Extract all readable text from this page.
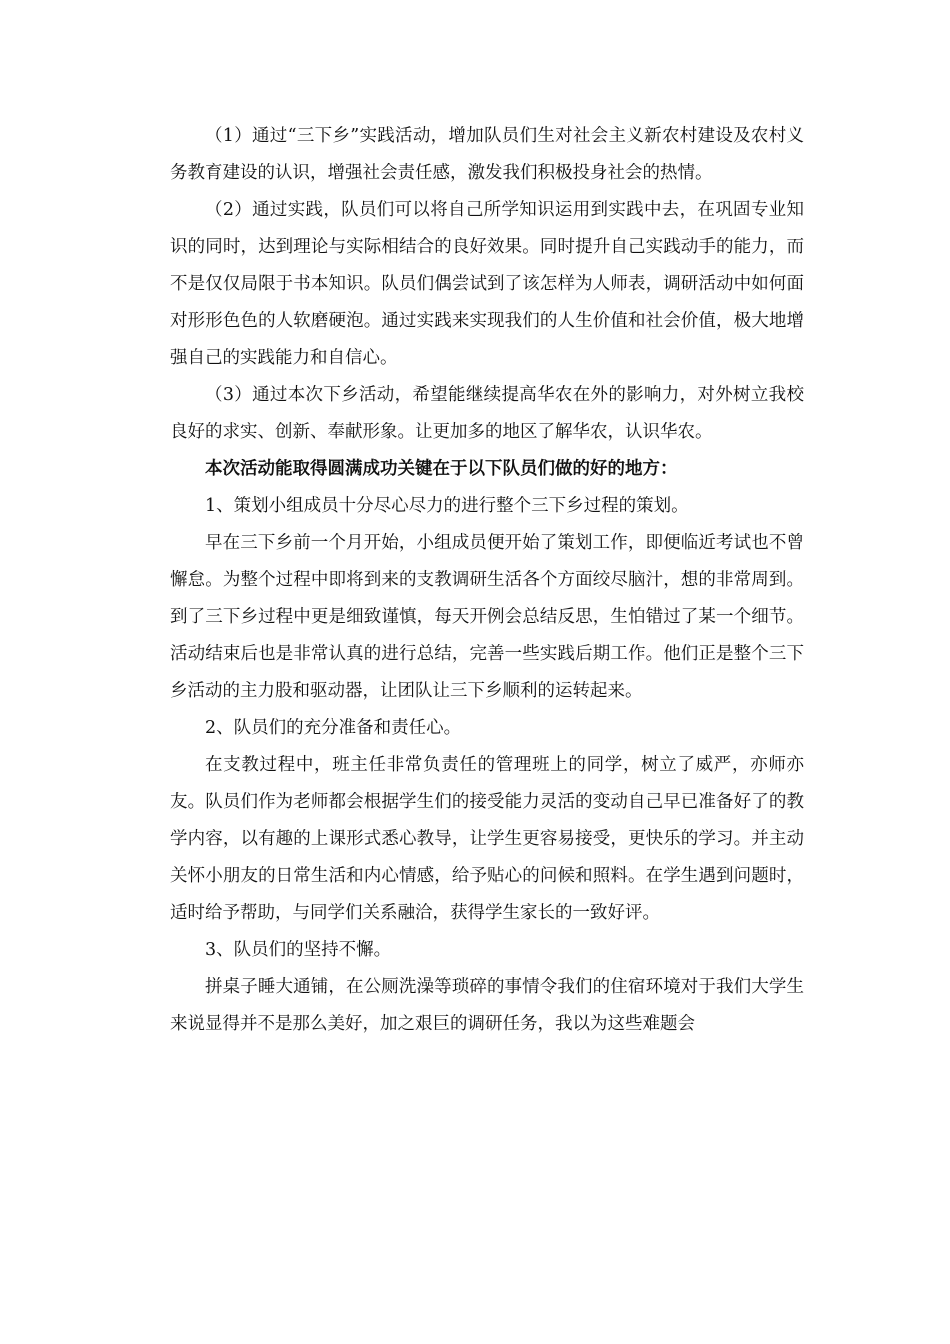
（1）通过“三下乡”实践活动，增加队员们生对社会主义新农村建设及农村义务教育建设的认识，增强社会责任感，激发我们积极投身社会的热情。

（2）通过实践，队员们可以将自己所学知识运用到实践中去，在巩固专业知识的同时，达到理论与实际相结合的良好效果。同时提升自己实践动手的能力，而不是仅仅局限于书本知识。队员们偶尝试到了该怎样为人师表，调研活动中如何面对形形色色的人软磨硬泡。通过实践来实现我们的人生价值和社会价值，极大地增强自己的实践能力和自信心。

（3）通过本次下乡活动，希望能继续提高华农在外的影响力，对外树立我校良好的求实、创新、奉献形象。让更加多的地区了解华农，认识华农。

本次活动能取得圆满成功关键在于以下队员们做的好的地方：

1、策划小组成员十分尽心尽力的进行整个三下乡过程的策划。

早在三下乡前一个月开始，小组成员便开始了策划工作，即便临近考试也不曾懈怠。为整个过程中即将到来的支教调研生活各个方面绞尽脑汁，想的非常周到。到了三下乡过程中更是细致谨慎，每天开例会总结反思，生怕错过了某一个细节。活动结束后也是非常认真的进行总结，完善一些实践后期工作。他们正是整个三下乡活动的主力股和驱动器，让团队让三下乡顺利的运转起来。

2、队员们的充分准备和责任心。

在支教过程中，班主任非常负责任的管理班上的同学，树立了威严，亦师亦友。队员们作为老师都会根据学生们的接受能力灵活的变动自己早已准备好了的教学内容，以有趣的上课形式悉心教导，让学生更容易接受，更快乐的学习。并主动关怀小朋友的日常生活和内心情感，给予贴心的问候和照料。在学生遇到问题时，适时给予帮助，与同学们关系融洽，获得学生家长的一致好评。

3、队员们的坚持不懈。

拼桌子睡大通铺，在公厕洗澡等琐碎的事情令我们的住宿环境对于我们大学生来说显得并不是那么美好，加之艰巨的调研任务，我以为这些难题会
